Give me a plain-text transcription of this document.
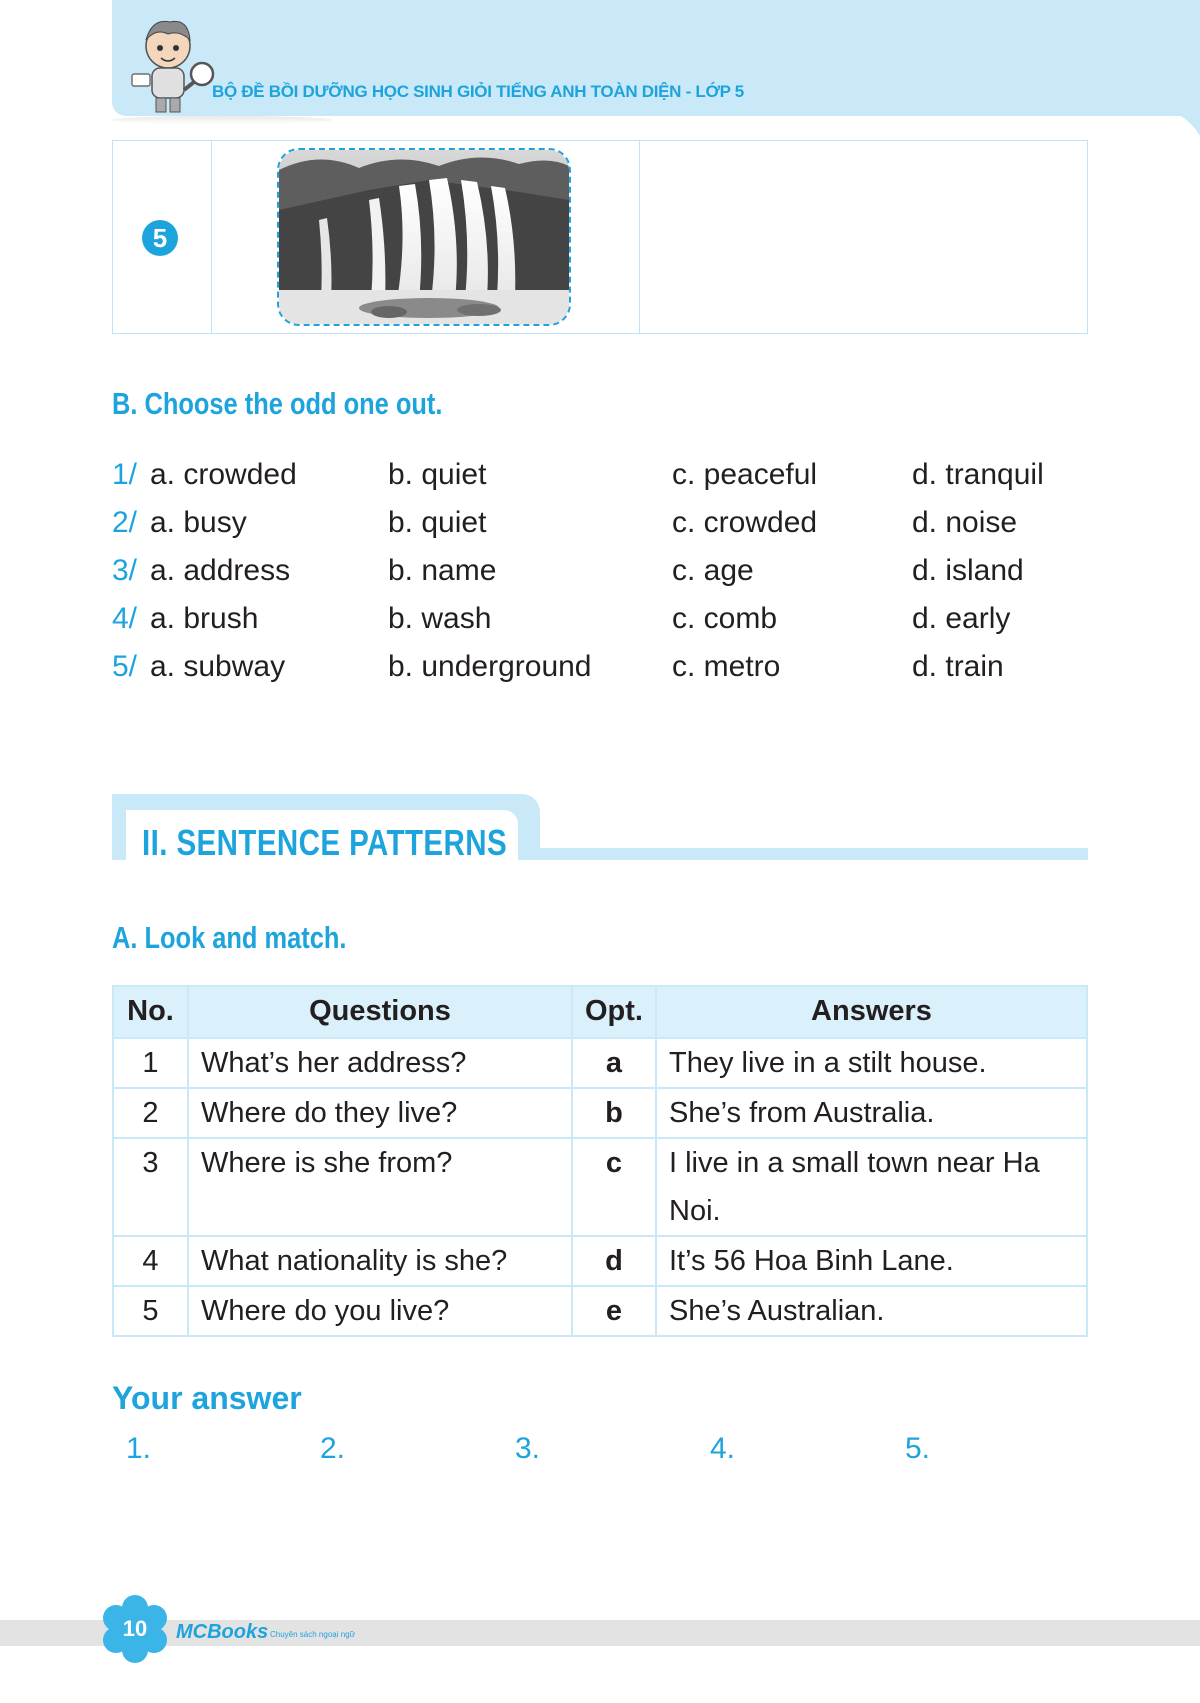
BỘ ĐỀ BỒI DƯỠNG HỌC SINH GIỎI TIẾNG ANH TOÀN DIỆN - LỚP 5
5
B. Choose the odd one out.
1/ a. crowded	b. quiet	c. peaceful	d. tranquil
2/ a. busy	b. quiet	c. crowded	d. noise
3/ a. address	b. name	c. age	d. island
4/ a. brush	b. wash	c. comb	d. early
5/ a. subway	b. underground	c. metro	d. train
II. SENTENCE PATTERNS
A. Look and match.
No.	Questions	Opt.	Answers
1	What’s her address?	a	They live in a stilt house.
2	Where do they live?	b	She’s from Australia.
3	Where is she from?	c	I live in a small town near Ha Noi.
4	What nationality is she?	d	It’s 56 Hoa Binh Lane.
5	Where do you live?	e	She’s Australian.
Your answer
1.	2.	3.	4.	5.
10	MCBooks Chuyên sách ngoại ngữ
